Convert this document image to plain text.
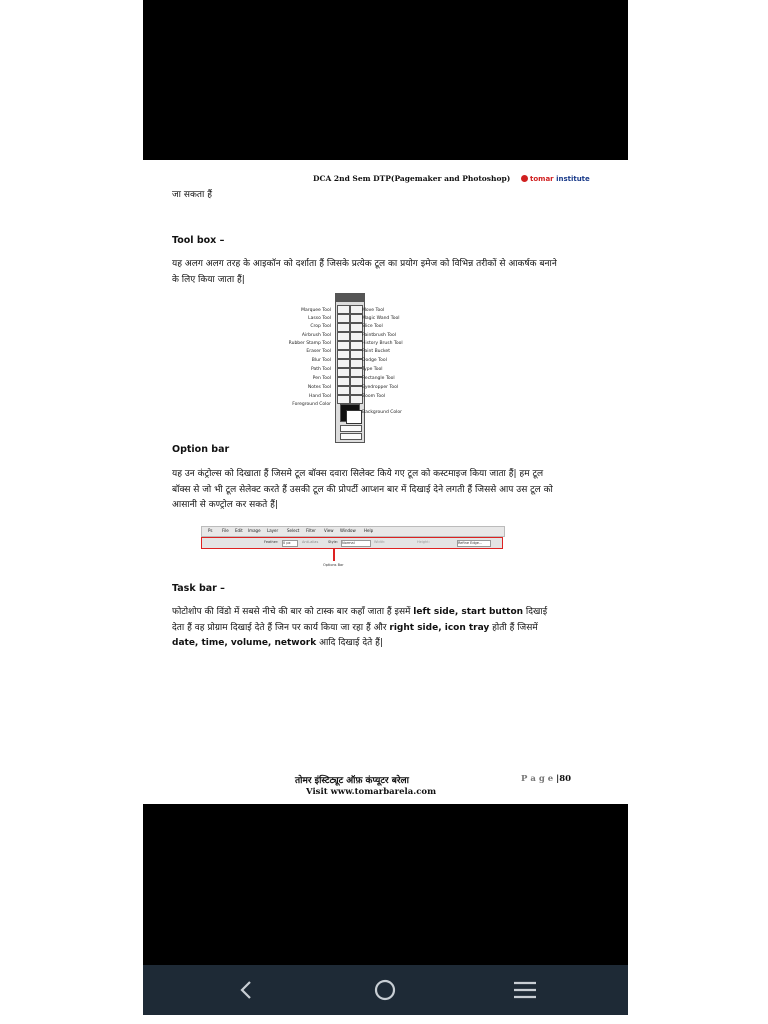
DCA 2nd Sem DTP(Pagemaker and Photoshop)	tomar institute
जा सकता हैं
Tool box –
यह अलग अलग तरह के आइकॉन को दर्शाता हैं जिसके प्रत्येक टूल का प्रयोग इमेज को विभिन्न तरीकों से आकर्षक बनाने के लिए किया जाता हैं|
Marquee Tool
Lasso Tool
Crop Tool
Airbrush Tool
Rubber Stamp Tool
Eraser Tool
Blur Tool
Path Tool
Pen Tool
Notes Tool
Hand Tool
Foreground Color
Move Tool
Magic Wand Tool
Slice Tool
Paintbrush Tool
History Brush Tool
Paint Bucket
Dodge Tool
Type Tool
Rectangle Tool
Eyedropper Tool
Zoom Tool
Background Color
Option bar
यह उन कंट्रोल्स को दिखाता हैं जिसमे टूल बॉक्स दवारा सिलेक्ट किये गए टूल को कस्टमाइज किया जाता हैं| हम टूल बॉक्स से जो भी टूल सेलेक्ट करते हैं उसकी टूल की प्रोपर्टी आप्शन बार में दिखाई देने लगती हैं जिससे आप उस टूल को आसानी से कण्ट्रोल कर सकते हैं|
Ps File Edit Image Layer Select Filter View Window Help
Feather: 0 px	Anti-alias	Style: Normal	Width:	Height:	Refine Edge...
Options Bar
Task bar –
फोटोशोप की विंडो में सबसे नीचे की बार को टास्क बार कहाँ जाता हैं इसमें left side, start button दिखाई देता हैं वह प्रोग्राम दिखाई देते हैं जिन पर कार्य किया जा रहा हैं और right side, icon tray होती हैं जिसमें date, time, volume, network आदि दिखाई देते हैं|
तोमर इंस्टिट्यूट ऑफ़ कंप्यूटर बरेला
Visit www.tomarbarela.com
P a g e |80
